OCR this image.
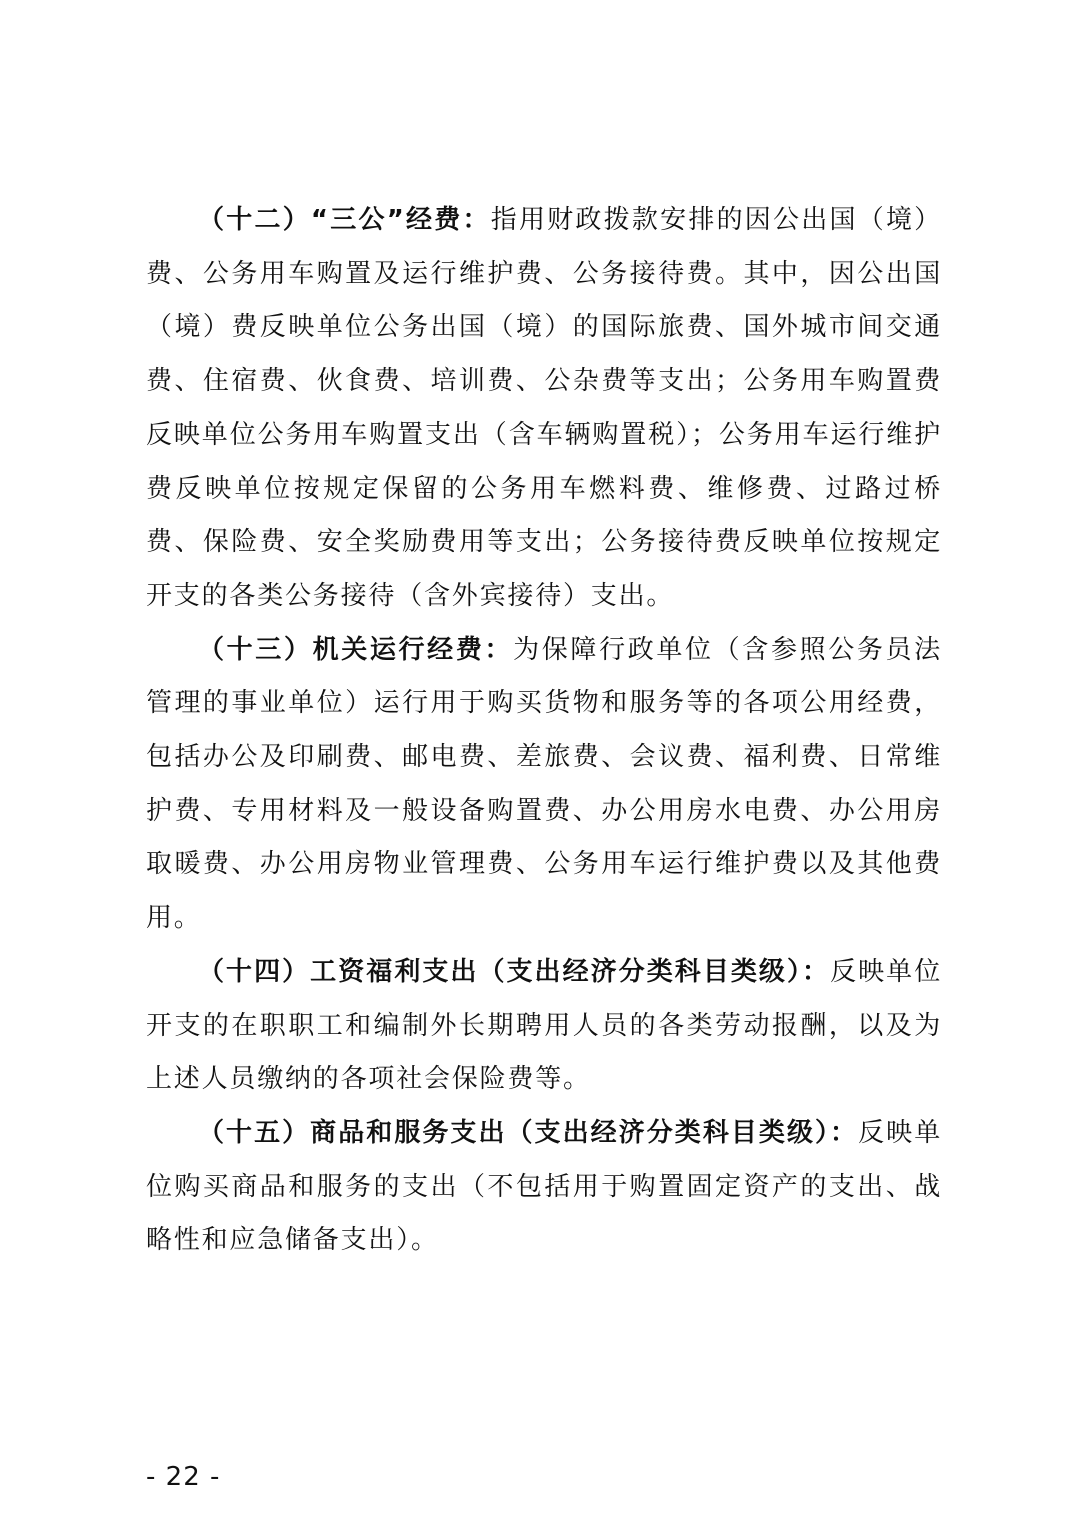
（十二）“三公”经费：指用财政拨款安排的因公出国（境）费、公务用车购置及运行维护费、公务接待费。其中，因公出国（境）费反映单位公务出国（境）的国际旅费、国外城市间交通费、住宿费、伙食费、培训费、公杂费等支出；公务用车购置费反映单位公务用车购置支出（含车辆购置税）；公务用车运行维护费反映单位按规定保留的公务用车燃料费、维修费、过路过桥费、保险费、安全奖励费用等支出；公务接待费反映单位按规定开支的各类公务接待（含外宾接待）支出。

（十三）机关运行经费：为保障行政单位（含参照公务员法管理的事业单位）运行用于购买货物和服务等的各项公用经费，包括办公及印刷费、邮电费、差旅费、会议费、福利费、日常维护费、专用材料及一般设备购置费、办公用房水电费、办公用房取暖费、办公用房物业管理费、公务用车运行维护费以及其他费用。

（十四）工资福利支出（支出经济分类科目类级）：反映单位开支的在职职工和编制外长期聘用人员的各类劳动报酬，以及为上述人员缴纳的各项社会保险费等。

（十五）商品和服务支出（支出经济分类科目类级）：反映单位购买商品和服务的支出（不包括用于购置固定资产的支出、战略性和应急储备支出）。

- 22 -
